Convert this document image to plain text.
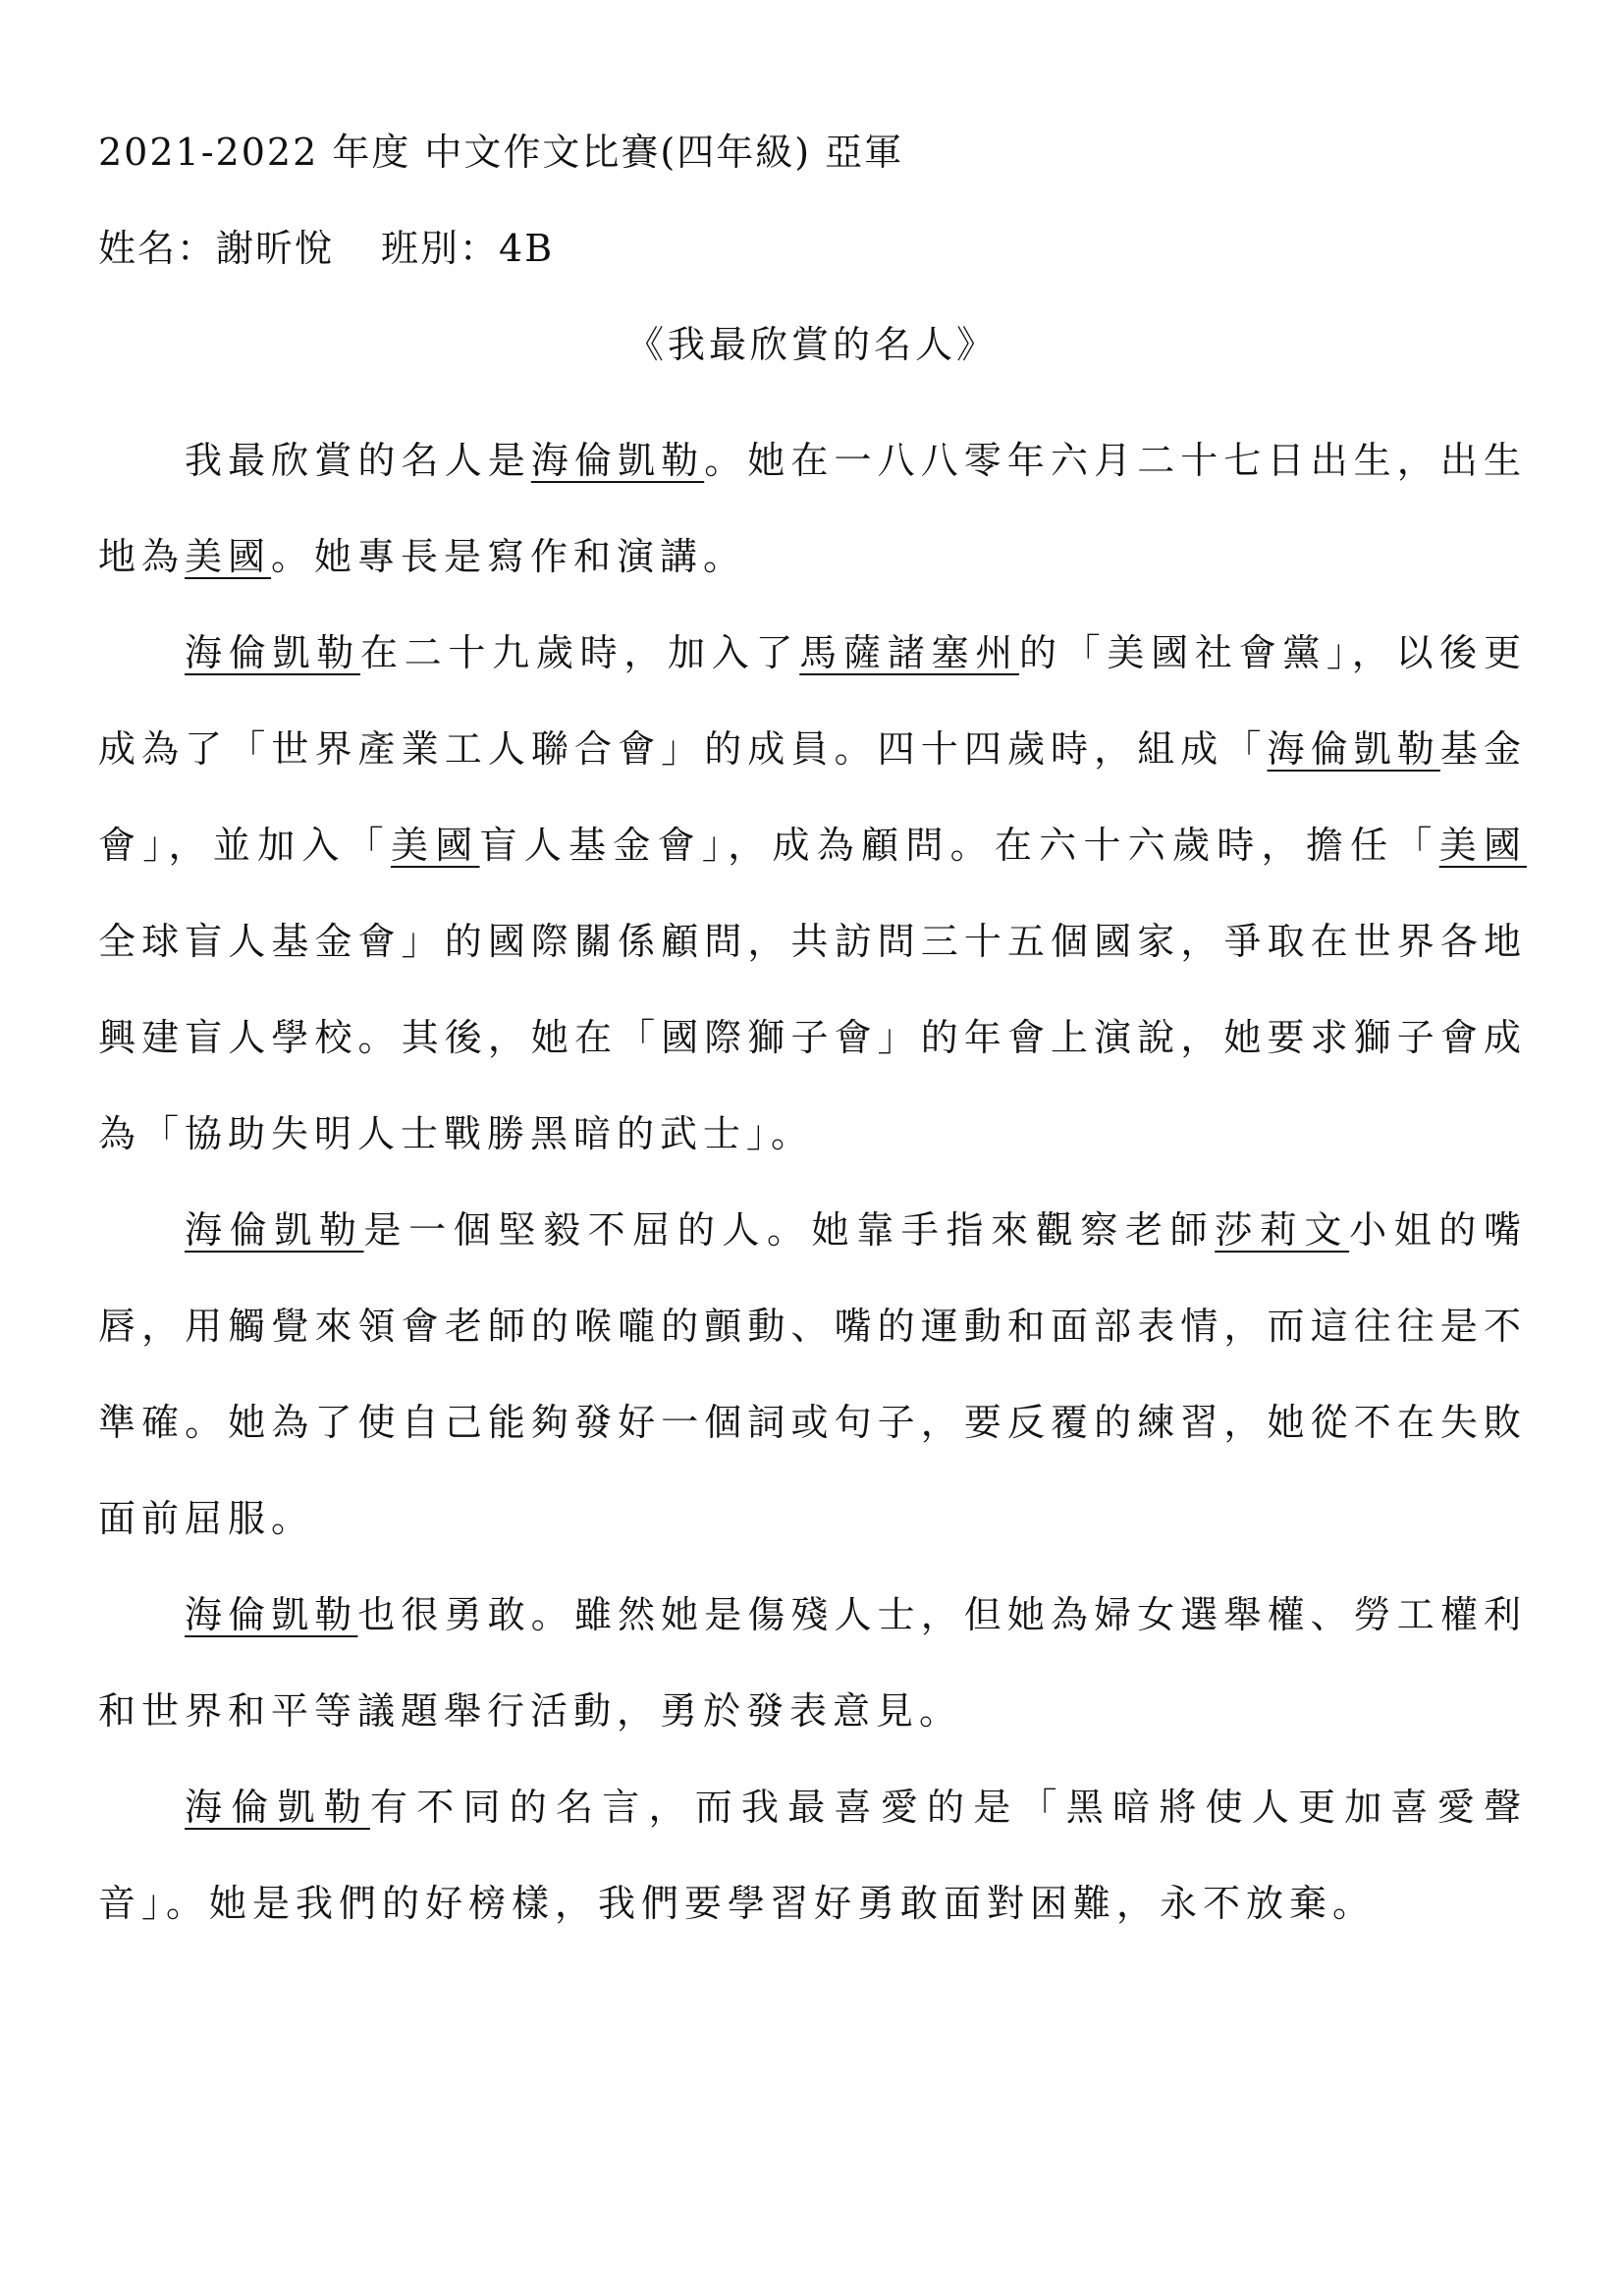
2021-2022 年度 中文作文比賽(四年級) 亞軍
姓名：謝昕悅 班別：4B
《我最欣賞的名人》

我最欣賞的名人是海倫凱勒。她在一八八零年六月二十七日出生，出生地為美國。她專長是寫作和演講。

海倫凱勒在二十九歲時，加入了馬薩諸塞州的「美國社會黨」，以後更成為了「世界產業工人聯合會」的成員。四十四歲時，組成「海倫凱勒基金會」，並加入「美國盲人基金會」，成為顧問。在六十六歲時，擔任「美國全球盲人基金會」的國際關係顧問，共訪問三十五個國家，爭取在世界各地興建盲人學校。其後，她在「國際獅子會」的年會上演說，她要求獅子會成為「協助失明人士戰勝黑暗的武士」。

海倫凱勒是一個堅毅不屈的人。她靠手指來觀察老師莎莉文小姐的嘴唇，用觸覺來領會老師的喉嚨的顫動、嘴的運動和面部表情，而這往往是不準確。她為了使自己能夠發好一個詞或句子，要反覆的練習，她從不在失敗面前屈服。

海倫凱勒也很勇敢。雖然她是傷殘人士，但她為婦女選舉權、勞工權利和世界和平等議題舉行活動，勇於發表意見。

海倫凱勒有不同的名言，而我最喜愛的是「黑暗將使人更加喜愛聲音」。她是我們的好榜樣，我們要學習好勇敢面對困難，永不放棄。
